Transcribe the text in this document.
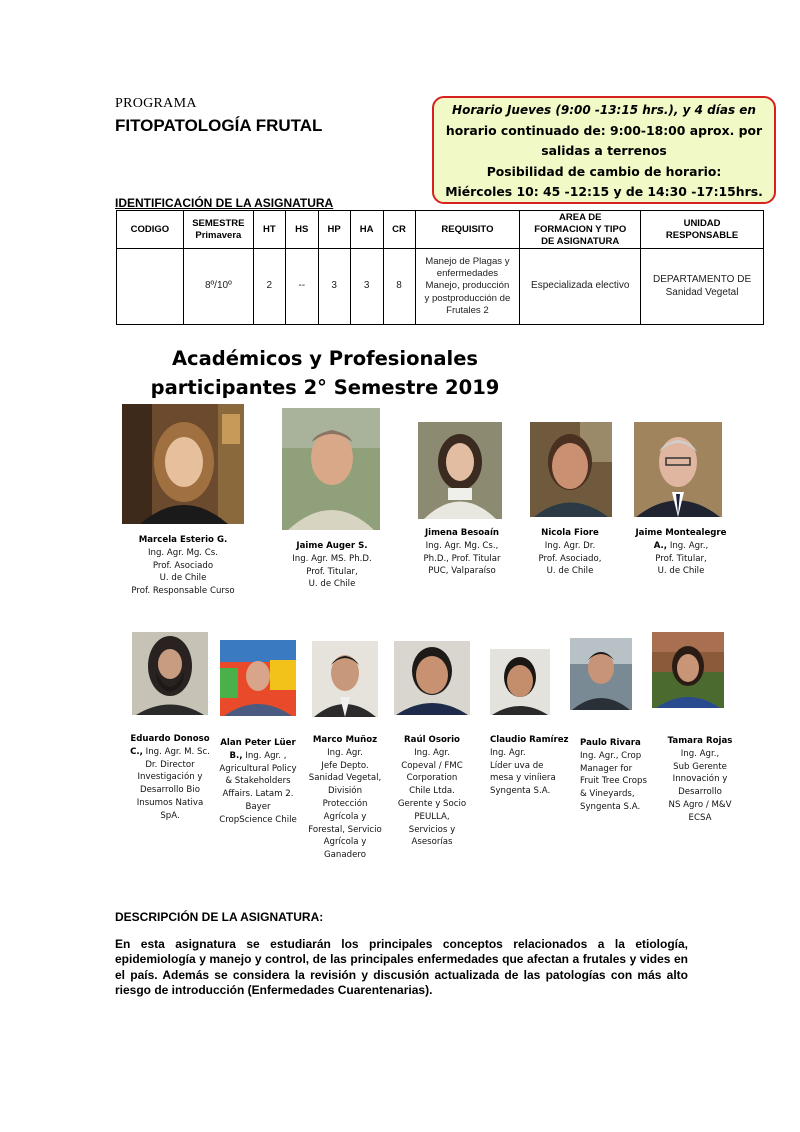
PROGRAMA
FITOPATOLOGÍA FRUTAL
Horario Jueves (9:00 -13:15 hrs.), y 4 días en
horario continuado de: 9:00-18:00 aprox. por
salidas a terrenos
Posibilidad de cambio de horario:
Miércoles 10: 45 -12:15 y de 14:30 -17:15hrs.
IDENTIFICACIÓN DE LA ASIGNATURA
CODIGO	SEMESTRE
Primavera	HT	HS	HP	HA	CR	REQUISITO	AREA DE
FORMACION Y TIPO
DE ASIGNATURA	UNIDAD
RESPONSABLE
	8º/10º	2	--	3	3	8	Manejo de Plagas y
enfermedades
Manejo, producción
y postproducción de
Frutales 2	Especializada electivo	DEPARTAMENTO DE
Sanidad Vegetal
Académicos y Profesionales
participantes 2° Semestre 2019
Marcela Esterio G.
Ing. Agr. Mg. Cs.
Prof. Asociado
U. de Chile
Prof. Responsable Curso
Jaime Auger S.
Ing. Agr. MS. Ph.D.
Prof. Titular,
U. de Chile
Jimena Besoaín
Ing. Agr. Mg. Cs.,
Ph.D., Prof. Titular
PUC, Valparaíso
Nicola Fiore
Ing. Agr. Dr.
Prof. Asociado,
U. de Chile
Jaime Montealegre
A., Ing. Agr.,
Prof. Titular,
U. de Chile
Eduardo Donoso
C., Ing. Agr. M. Sc.
Dr. Director
Investigación y
Desarrollo Bio
Insumos Nativa
SpA.
Alan Peter Lüer
B., Ing. Agr. ,
Agricultural Policy
& Stakeholders
Affairs. Latam 2.
Bayer
CropScience Chile
Marco Muñoz
Ing. Agr.
Jefe Depto.
Sanidad Vegetal,
División
Protección
Agrícola y
Forestal, Servicio
Agrícola y
Ganadero
Raúl Osorio
Ing. Agr.
Copeval / FMC
Corporation
Chile Ltda.
Gerente y Socio
PEULLA,
Servicios y
Asesorías
Claudio Ramírez
Ing. Agr.
Líder uva de
mesa y viníiera
Syngenta S.A.
Paulo Rivara
Ing. Agr., Crop
Manager for
Fruit Tree Crops
& Vineyards,
Syngenta S.A.
Tamara Rojas
Ing. Agr.,
Sub Gerente
Innovación y
Desarrollo
NS Agro / M&V
ECSA
DESCRIPCIÓN DE LA ASIGNATURA:
En esta asignatura se estudiarán los principales conceptos relacionados a la etiología, epidemiología y manejo y control, de las principales enfermedades que afectan a frutales y vides en el país. Además se considera la revisión y discusión actualizada de las patologías con más alto riesgo de introducción (Enfermedades Cuarentenarias).
